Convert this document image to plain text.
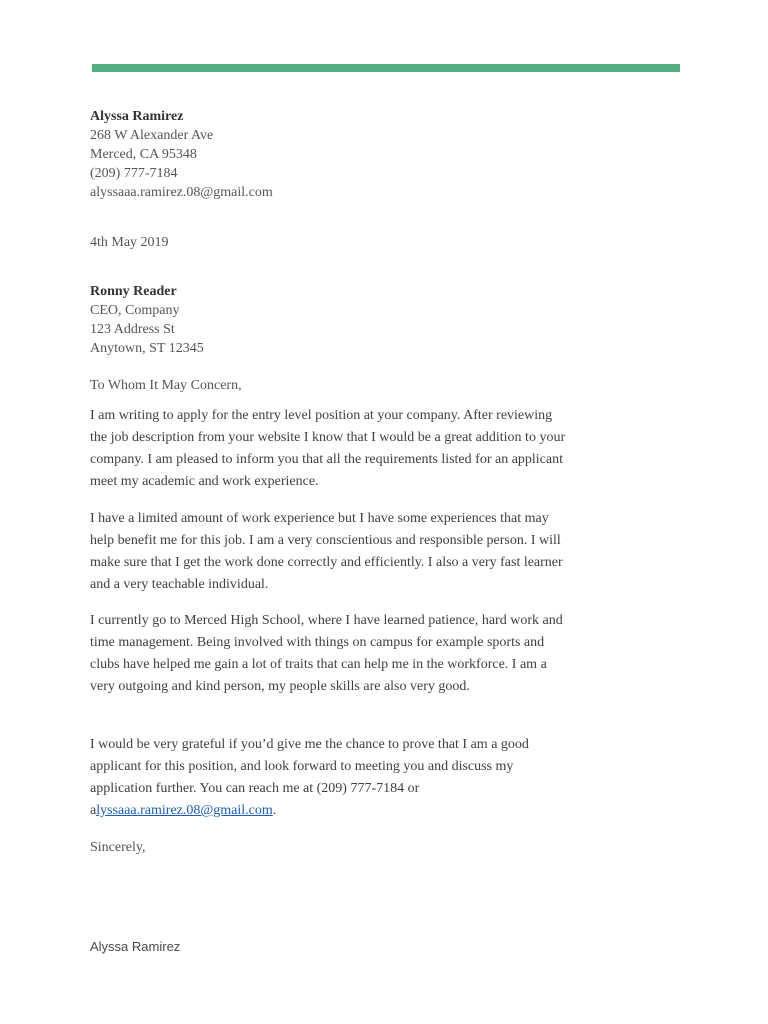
Alyssa Ramirez
268 W Alexander Ave
Merced, CA 95348
(209) 777-7184
alyssaaa.ramirez.08@gmail.com
4th May 2019
Ronny Reader
CEO, Company
123 Address St
Anytown, ST 12345
To Whom It May Concern,

I am writing to apply for the entry level position at your company. After reviewing the job description from your website I know that I would be a great addition to your company. I am pleased to inform you that all the requirements listed for an applicant meet my academic and work experience.

I have a limited amount of work experience but I have some experiences that may help benefit me for this job. I am a very conscientious and responsible person. I will make sure that I get the work done correctly and efficiently. I also a very fast learner and a very teachable individual.

I currently go to Merced High School, where I have learned patience, hard work and time management. Being involved with things on campus for example sports and clubs have helped me gain a lot of traits that can help me in the workforce. I am a very outgoing and kind person, my people skills are also very good.

I would be very grateful if you’d give me the chance to prove that I am a good applicant for this position, and look forward to meeting you and discuss my application further. You can reach me at (209) 777-7184 or alyssaaa.ramirez.08@gmail.com.

Sincerely,
Alyssa Ramirez
